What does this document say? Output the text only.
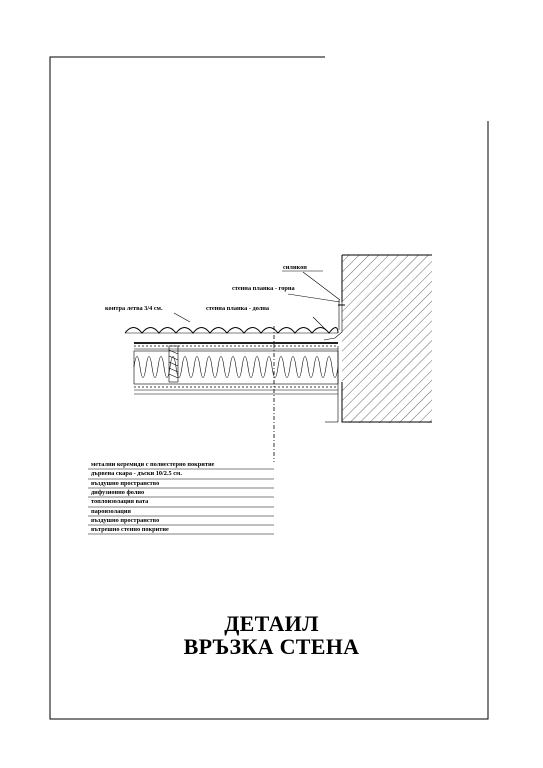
силикон
стенна планка - горна
стенна планка - долна
контра летва 3/4 см.
метални керемиди с полиестерно покритие
дървена скара - дъски 10/2.5 см.
въздушно пространство
дифузионно фолио
топлоизолация вата
пароизолация
въздушно пространство
вътрешно стенно покритие
ДЕТАИЛ
ВРЪЗКА СТЕНА
